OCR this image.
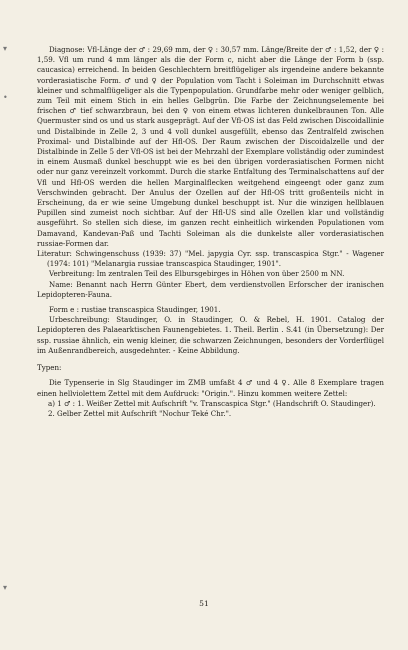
▾
•
▾

Diagnose: Vfl-Länge der ♂ : 29,69 mm, der ♀ : 30,57 mm. Länge/Breite der ♂ : 1,52, der ♀ : 1,59. Vfl um rund 4 mm länger als die der Form c, nicht aber die Länge der Form b (ssp. caucasica) erreichend. In beiden Geschlechtern breitflügeliger als irgendeine andere bekannte vorderasiatische Form. ♂ und ♀ der Population vom Tacht i Soleiman im Durchschnitt etwas kleiner und schmalflügeliger als die Typenpopulation. Grundfarbe mehr oder weniger gelblich, zum Teil mit einem Stich in ein helles Gelbgrün. Die Farbe der Zeichnungselemente bei frischen ♂ tief schwarzbraun, bei den ♀ von einem etwas lichteren dunkelbraunen Ton. Alle Quermuster sind os und us stark ausgeprägt. Auf der Vfl-OS ist das Feld zwischen Discoidallinie und Distalbinde in Zelle 2, 3 und 4 voll dunkel ausgefüllt, ebenso das Zentralfeld zwischen Proximal- und Distalbinde auf der Hfl-OS. Der Raum zwischen der Discoidalzelle und der Distalbinde in Zelle 5 der Vfl-OS ist bei der Mehrzahl der Exemplare vollständig oder zumindest in einem Ausmaß dunkel beschuppt wie es bei den übrigen vorderasiatischen Formen nicht oder nur ganz vereinzelt vorkommt. Durch die starke Entfaltung des Terminalschattens auf der Vfl und Hfl-OS werden die hellen Marginalflecken weitgehend eingeengt oder ganz zum Verschwinden gebracht. Der Anulus der Ozellen auf der Hfl-OS tritt großenteils nicht in Erscheinung, da er wie seine Umgebung dunkel beschuppt ist. Nur die winzigen hellblauen Pupillen sind zumeist noch sichtbar. Auf der Hfl-US sind alle Ozellen klar und vollständig ausgeführt. So stellen sich diese, im ganzen recht einheitlich wirkenden Populationen vom Damavand, Kandevan-Paß und Tachti Soleiman als die dunkelste aller vorderasiatischen russiae-Formen dar.

Literatur: Schwingenschuss (1939: 37) "Mel. japygia Cyr. ssp. transcaspica Stgr." - Wagener (1974: 101) "Melanargia russiae transcaspica Staudinger, 1901".

Verbreitung: Im zentralen Teil des Elbursgebirges in Höhen von über 2500 m NN.

Name: Benannt nach Herrn Günter Ebert, dem verdienstvollen Erforscher der iranischen Lepidopteren-Fauna.

Form e : rustiae transcaspica Staudinger, 1901.

Urbeschreibung: Staudinger, O. in Staudinger, O. & Rebel, H. 1901. Catalog der Lepidopteren des Palaearktischen Faunengebietes. 1. Theil. Berlin . S.41 (in Übersetzung): Der ssp. russiae ähnlich, ein wenig kleiner, die schwarzen Zeichnungen, besonders der Vorderflügel im Außenrandbereich, ausgedehnter. - Keine Abbildung.

Typen:

Die Typenserie in Slg Staudinger im ZMB umfaßt 4 ♂ und 4 ♀. Alle 8 Exemplare tragen einen hellviolettem Zettel mit dem Aufdruck: "Origin.". Hinzu kommen weitere Zettel:

a) 1 ♂ : 1. Weißer Zettel mit Aufschrift "v. Transcaspica Stgr." (Handschrift O. Staudinger).

2. Gelber Zettel mit Aufschrift "Nochur Teké Chr.".

51
